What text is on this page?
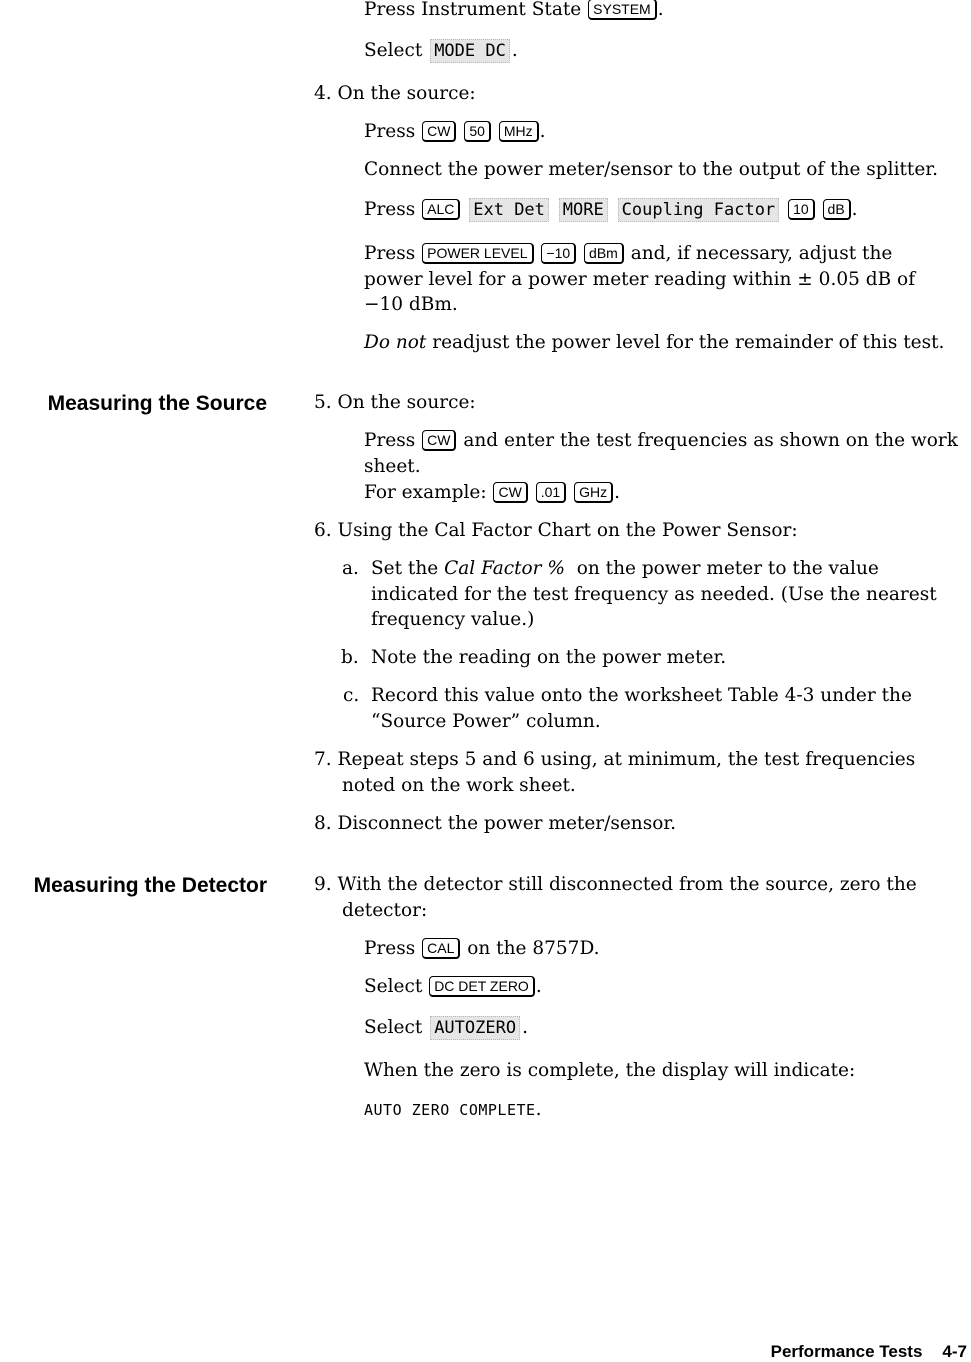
Press Instrument State SYSTEM .
Select MODE DC .
4. On the source:
Press CW 50 MHz .
Connect the power meter/sensor to the output of the splitter.
Press ALC Ext Det MORE Coupling Factor 10 dB .
Press POWER LEVEL −10 dBm and, if necessary, adjust the
power level for a power meter reading within ± 0.05 dB of
−10 dBm.
Do not readjust the power level for the remainder of this test.
Measuring the Source	5. On the source:
Press CW and enter the test frequencies as shown on the work
sheet.
For example: CW .01 GHz .
6. Using the Cal Factor Chart on the Power Sensor:
a. Set the Cal Factor % on the power meter to the value
indicated for the test frequency as needed. (Use the nearest
frequency value.)
b. Note the reading on the power meter.
c. Record this value onto the worksheet Table 4-3 under the
“Source Power” column.
7. Repeat steps 5 and 6 using, at minimum, the test frequencies
noted on the work sheet.
8. Disconnect the power meter/sensor.
Measuring the Detector	9. With the detector still disconnected from the source, zero the
detector:
Press CAL on the 8757D.
Select DC DET ZERO .
Select AUTOZERO .
When the zero is complete, the display will indicate:
AUTO ZERO COMPLETE.
Performance Tests 4-7
